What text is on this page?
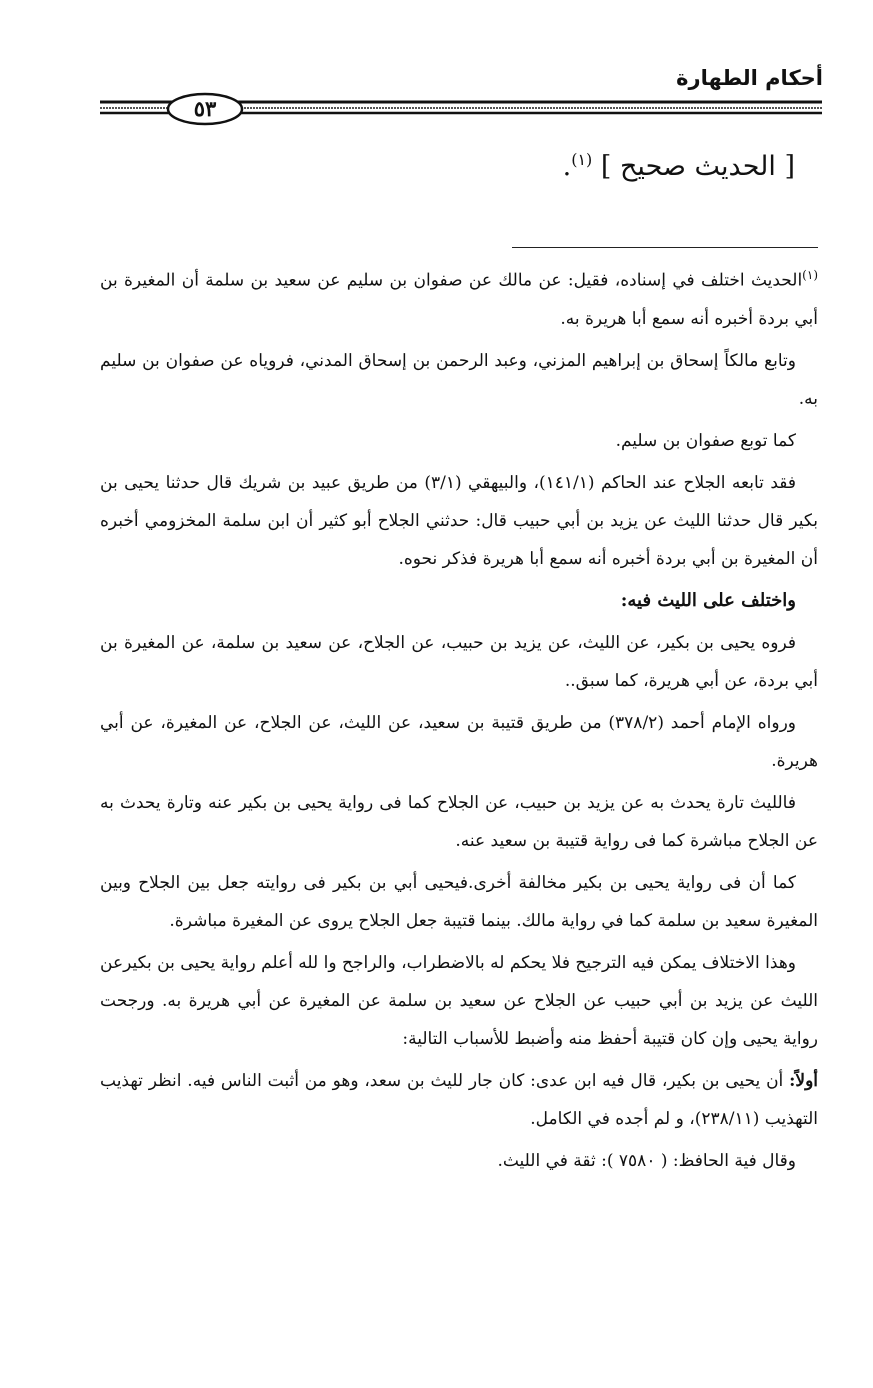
أحكام الطهارة
٥٣
[ الحديث صحيح ] $^{(١)}$.

$^{(١)}$الحديث اختلف في إسناده، فقيل: عن مالك عن صفوان بن سليم عن سعيد بن سلمة أن المغيرة بن أبي بردة أخبره أنه سمع أبا هريرة به.

وتابع مالكاً إسحاق بن إبراهيم المزني، وعبد الرحمن بن إسحاق المدني، فروياه عن صفوان بن سليم به.

كما توبع صفوان بن سليم.

فقد تابعه الجلاح عند الحاكم (١٤١/١)، والبيهقي (٣/١) من طريق عبيد بن شريك قال حدثنا يحيى بن بكير قال حدثنا الليث عن يزيد بن أبي حبيب قال: حدثني الجلاح أبو كثير أن ابن سلمة المخزومي أخبره أن المغيرة بن أبي بردة أخبره أنه سمع أبا هريرة فذكر نحوه.

واختلف على الليث فيه:

فروه يحيى بن بكير، عن الليث، عن يزيد بن حبيب، عن الجلاح، عن سعيد بن سلمة، عن المغيرة بن أبي بردة، عن أبي هريرة، كما سبق..

ورواه الإمام أحمد (٣٧٨/٢) من طريق قتيبة بن سعيد، عن الليث، عن الجلاح، عن المغيرة، عن أبي هريرة.

فالليث تارة يحدث به عن يزيد بن حبيب، عن الجلاح كما فى رواية يحيى بن بكير عنه وتارة يحدث به عن الجلاح مباشرة كما فى رواية قتيبة بن سعيد عنه.

كما أن فى رواية يحيى بن بكير مخالفة أخرى.فيحيى أبي بن بكير فى روايته جعل بين الجلاح وبين المغيرة سعيد بن سلمة كما في رواية مالك. بينما قتيبة جعل الجلاح يروى عن المغيرة مباشرة.

وهذا الاختلاف يمكن فيه الترجيح فلا يحكم له بالاضطراب، والراجح وا لله أعلم رواية يحيى بن بكيرعن الليث عن يزيد بن أبي حبيب عن الجلاح عن سعيد بن سلمة عن المغيرة عن أبي هريرة به. ورجحت رواية يحيى وإن كان قتيبة أحفظ منه وأضبط للأسباب التالية:

أولاً: أن يحيى بن بكير، قال فيه ابن عدى: كان جار لليث بن سعد، وهو من أثبت الناس فيه. انظر تهذيب التهذيب (٢٣٨/١١)، و لم أجده في الكامل.

وقال فية الحافظ: ( ٧٥٨٠ ): ثقة في الليث.
